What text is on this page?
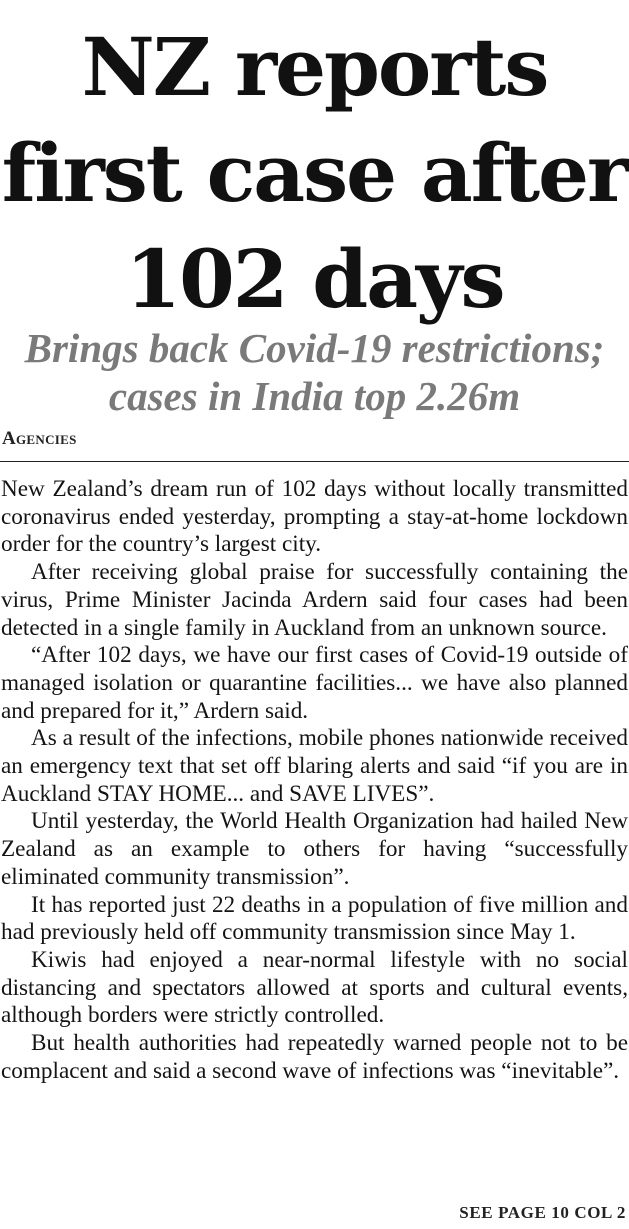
NZ reports
first case after
102 days
Brings back Covid-19 restrictions;
cases in India top 2.26m
Agencies

New Zealand’s dream run of 102 days without locally transmitted coronavirus ended yesterday, prompting a stay-at-home lockdown order for the country’s largest city.

After receiving global praise for successfully containing the virus, Prime Minister Jacinda Ardern said four cases had been detected in a single family in Auckland from an unknown source.

“After 102 days, we have our first cases of Covid-19 outside of managed isolation or quarantine facilities... we have also planned and prepared for it,” Ardern said.

As a result of the infections, mobile phones nationwide received an emergency text that set off blaring alerts and said “if you are in Auckland STAY HOME... and SAVE LIVES”.

Until yesterday, the World Health Organization had hailed New Zealand as an example to others for having “successfully eliminated community transmission”.

It has reported just 22 deaths in a population of five million and had previously held off community transmission since May 1.

Kiwis had enjoyed a near-normal lifestyle with no social distancing and spectators allowed at sports and cultural events, although borders were strictly controlled.

But health authorities had repeatedly warned people not to be complacent and said a second wave of infections was “inevitable”.

SEE PAGE 10 COL 2
